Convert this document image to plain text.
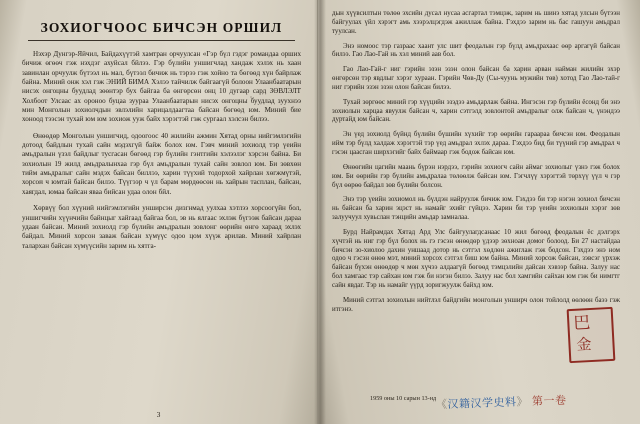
ЗОХИОГЧООС БИЧСЭН ОРШИЛ

Нэхэр Дунгэр-Яйчил, Байдахүүтэй хамтран орчуулсан «Гэр бүл гэдэг романдаа орших бичиж өгөөч гэж нэхдэг ахуйсал бйлээ. Гэр бүлийн уншигчлад хандаж хэлэх нь хаан завинлан орчуулж бүтээл нь мал, бүтээл бичиж нь тэрээ гэж хойно та бөгөөд хүн байрлаж байна. Миний онж хэл гэж ЭНИЙ БИМА Хэлээ тайчилж байгаагүй болоон Улаанбаатарын нисэх онгоцны буудлад зөөнтэр бух байгаа ба өнгөрсөн онц 10 дугаар сард ЗӨВЛЭЛТ Холбоот Улсаас ах ороноо буцаа зуураа Улаанбаатарын нисэх онгоцны буудлад зуухнээ мин Монголын зохиолчдын эвлэлийн харицалдаагтаа байсан бөгөөд юм. Миний бие хоноод тээсэн тухай юм юм зохиож ууж байх хэрэгтэй гэж сургаал хэлсэн билээ.

Өнөөдөр Монголын уншигчид, одоогоос 40 жилийн ажмин Хятад орны нийгэмлэгийн дотоод байдлын тухай сайн мэдэхгүй байж болох юм. Гэвч миний зохиолд тэр үеийн амьдралын үзэл байдлыг тусгасан бөгөөд гэр бүлийн гэнтгийн хэлээлэг хэрсэн байна. Би зохиолын 19 жилд амьдралынхаа гэр бүл амьдралын тухай сайн зовлол юм. Би зөвхөн тийм амьдралыг сайн мэдэх байсан биллээ, харин түүхий тодорхой хайрлан хөгжмүтэй, хорсон ч юмтай байсан билээ. Түүгээр ч үл барам мөрдөөсөн нь хайрын тасплан, байсан, хаягдал, юмаа байсан яваа бийсан удаа олон бйл.

Хөрвүү бол хүүний нийгэмлэгийн унширсэн дизгнмад уулхаа хэтлээ хорсоогүйн бол, уншигчийн хүүнчийн байнцыг хайгаад байгаа бол, эв нь ялгаас эхлэж бүгээж байсан дараа удаан байсан. Миний зохиолд гэр бүлийн амьдралын зовлонг өөрийн өнгө хараад эхлэх байдал. Миний хорсон заваж байсан хүмүүс одоо цом хүүж арилав. Миний хайрлан талархан байсан хүмүүсийн зарим нь хятга-

3

дын хүүвсилтын төлөө эхсийн дусал нусаа асгартал тэмцэж, зарим нь шинэ хятад улсын бүтээн байгуулах үйл хэрэгт амь хээрэлцэгдэж ажиллаж байна. Гэхдээ зарим нь бас гашуун амьдрал туулсан.

Энэ номоос тэр газраас хаант улс шит феодалын гэр бүлд амьдрахаас өөр аргагүй байсан билээ. Гао Лао-Гай нь хэл миний аав бол.

Гао Лао-Гай-г ниг гэрийн эзэн эзэн олон байсан ба харин арван найман жилийн эхэр өнгөрсөн тэр явдлыг хэрэг хураан. Гэрийн Чөв-Ду (Сы-чуунь мужийн төв) хотод Гао Лао-тай-г ниг гэрийн эзэн эзэн олон байсан билээ.

Тухай зөргөөс миний гэр хүүцийн эзэдээ амьдарлаж байна. Ингэсэн гэр бүлийн ёсонд би энэ зохиолын харцаа явуулж байсан ч, харин сэтгэлд зовлонтой амьдралыг олж байсан ч, үнэндээ дуртайд юм байсан.

Эн үед зохиолд бүйнд бүлийн бүшийн хүхийг тэр өөрийн гараараа бичсэн юм. Феодалын ийм тэр бүлд халдаж хэрэгтэй тэр үед амьдрал эхлэх дараа. Гэхдээ бид би түүний гэр амьдрал ч гэсэн цаасган ширхэгийг байх баймаар гэж бодож байсан юм.

Өнөөгийн цагийн маань бүрэн нэрдээ, гэрийн зохиогч сайн аймаг зохиолыг үзнэ гэж болох юм. Би өөрийн гэр бүлийн амьдралаа төлөөлж байсан юм. Гэгчлүү хэрэгтэй төрхүү үүл ч гэр бүл өөрөө байдал зөв бүлийн болсон.

Энэ тэр үеийн зохиомол нь бүлдэн найруулж бичиж юм. Гэхдээ би тэр нэгэн зохиол бичсэн нь байсан ба харин эцэст нь намайг эхийг гүйцээ. Харин би тэр үеийн зохиолын хэрэг зөв залуучуул хувьслан тэнцийн амьдар замналаа.

Бурд Найрамдах Хятад Ард Улс байгуулагдсанаас 10 жил бөгөөд феодалын ёс дэлгэрх хүчтэй нь ниг гэр бүл болох нь гэ гэсэн өнөөдөр үдээр зөхноан домог болоод. Би 27 настайдаа бичсэн зо-хиолоо дахин уншаад дотор нь сэтгэл хөдлөн ажиглаж гэж бодсон. Гэхдээ энэ ном одоо ч гэсэн өнөө мэт, миний хорсох сэтгэл биш юм байна. Миний хорсож байсан, зэвсэг үрхэж байсан бүхэн өнөөдөр ч мөн хүчээ алдаагүй бөгөөд тэмцэлийн дайсан хэвээр байна. Залуу нас бол хамгаас тэр сайхан юм гэж би нэгэн билээ. Залуу нас бол хамгийн сайхан юм гэж би нимгтг сайн явдаг. Тэр нь намайг үүрд зоригжуулж байхд юм.

Миний сэтгэл зохиолын нийтлэл байдгийн монголын унширч олон тойлолд өөлөөн баээ гэж итгэнэ.

巴
金
1959 оны 10 сарын 13-нд 《汉籍汉学史料》 第一卷
